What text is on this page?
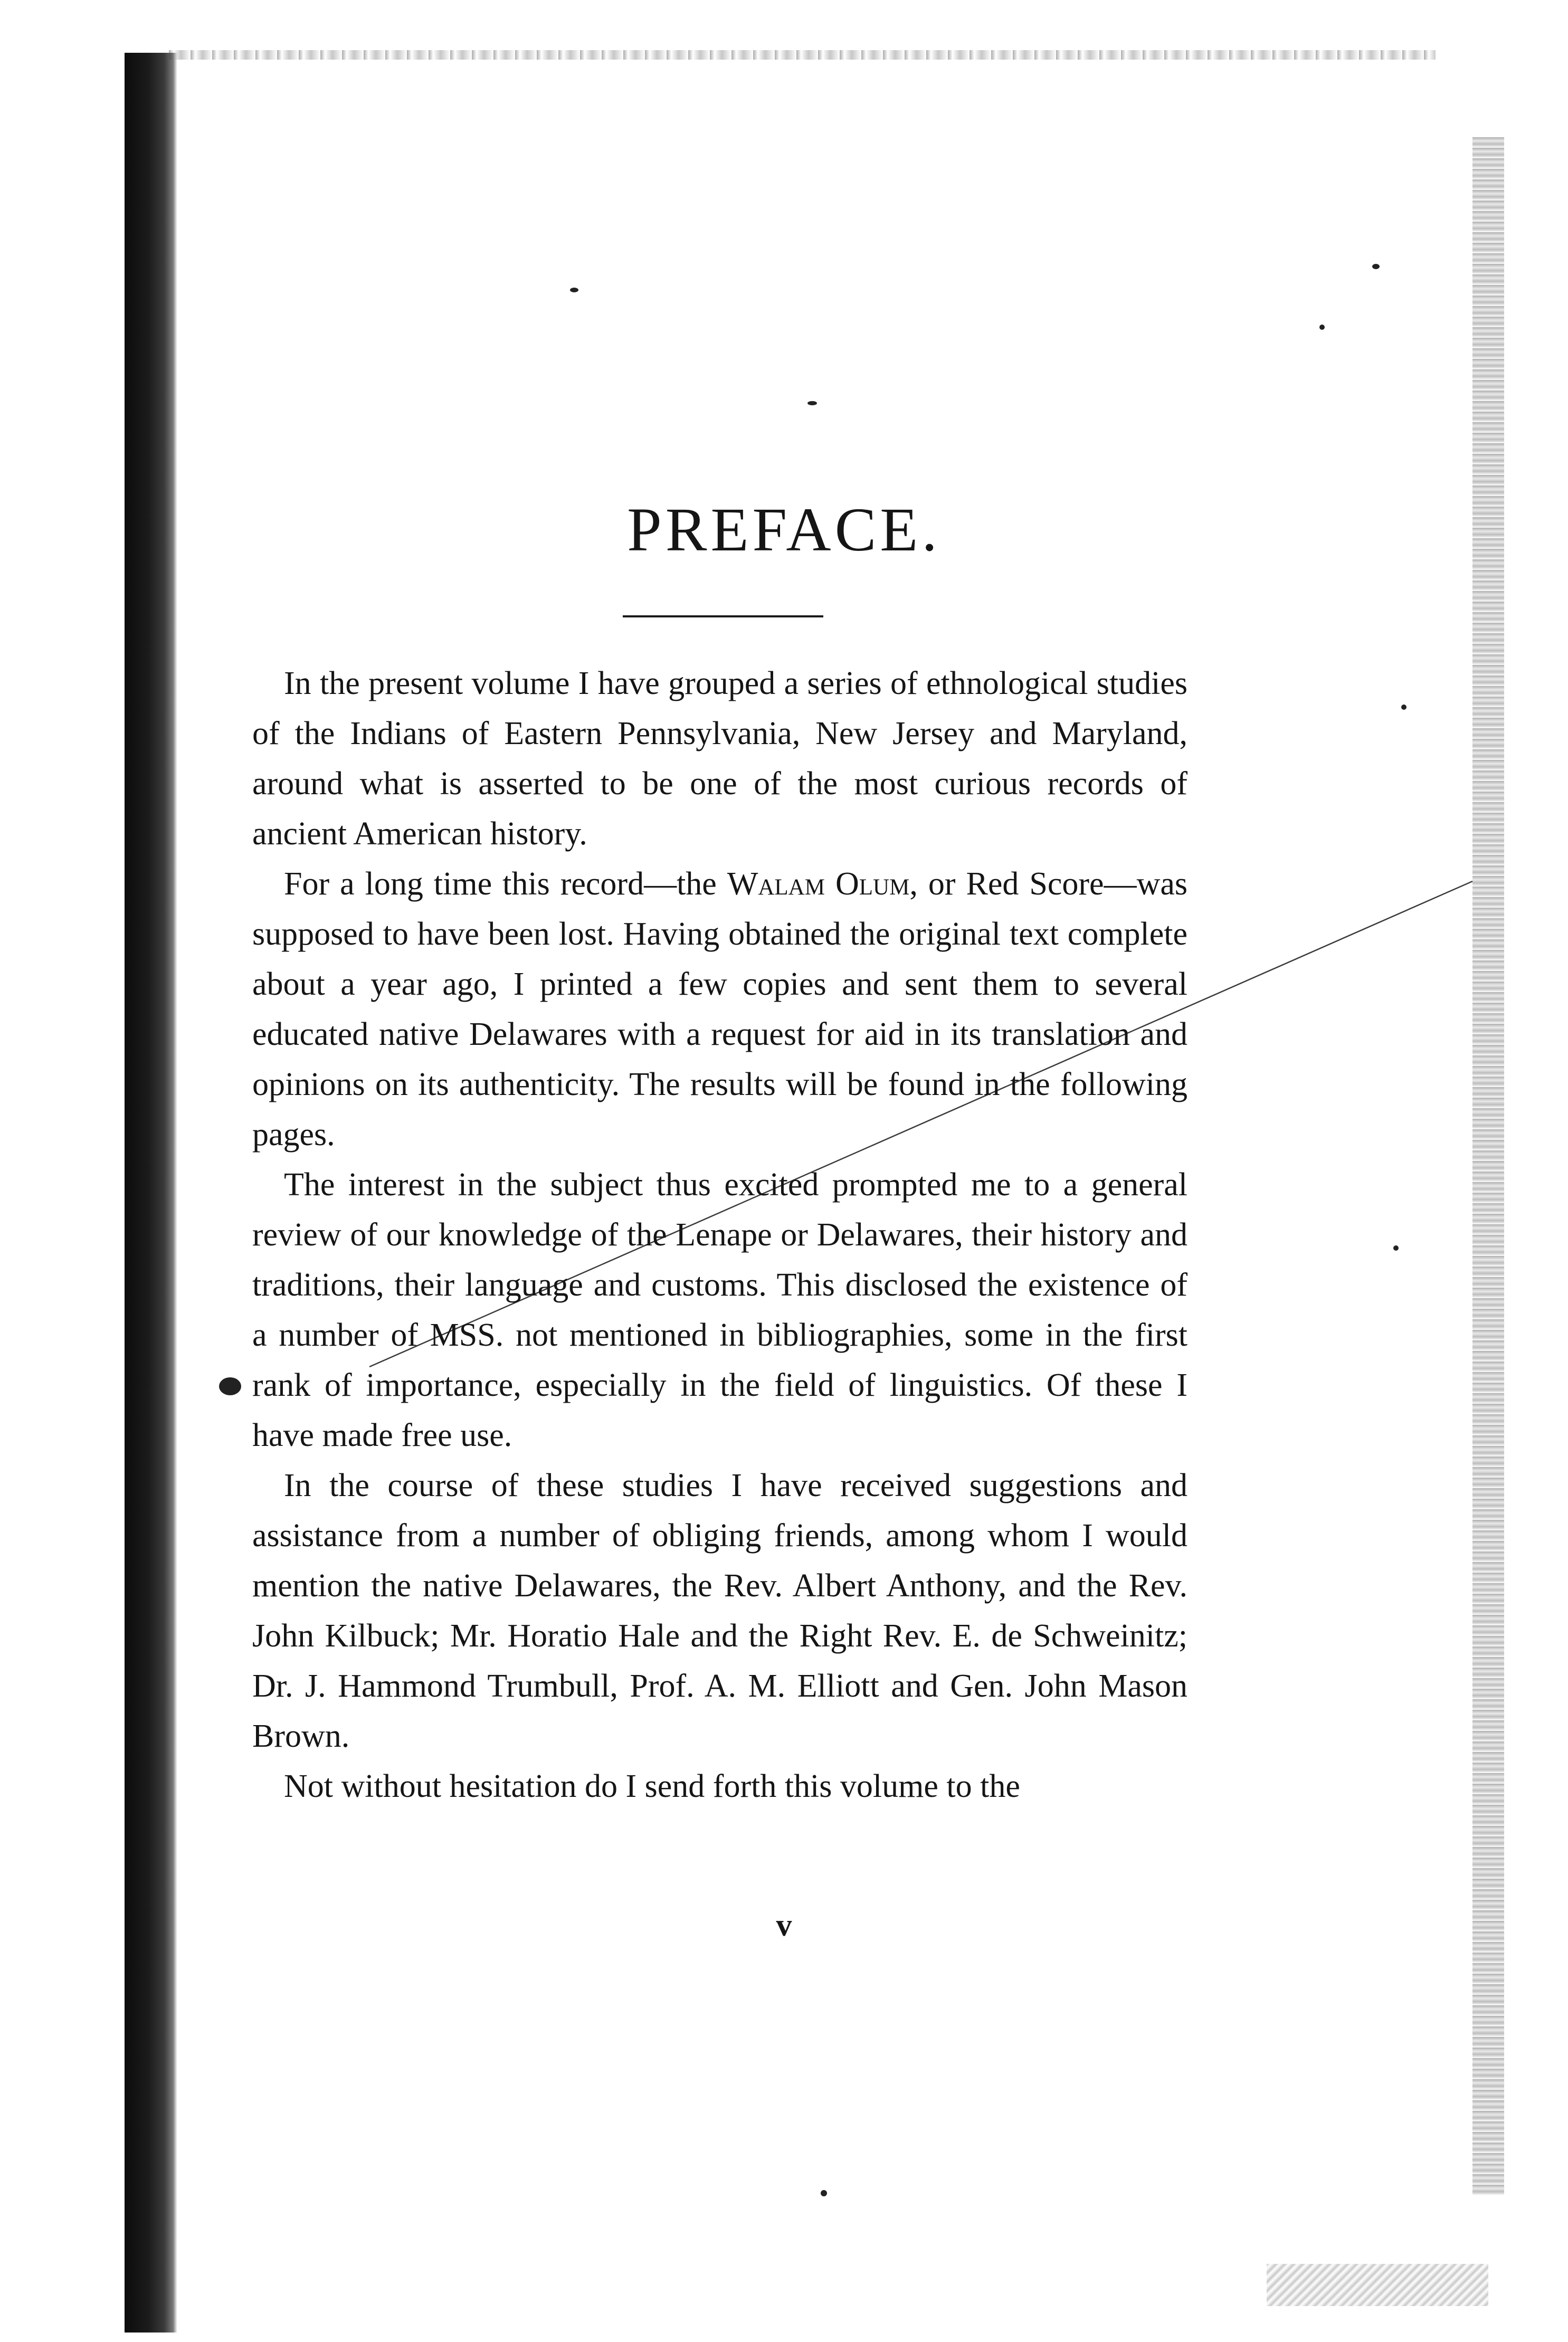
PREFACE.

In the present volume I have grouped a series of ethnological studies of the Indians of Eastern Pennsylvania, New Jersey and Maryland, around what is asserted to be one of the most curious records of ancient American history.

For a long time this record—the Walam Olum, or Red Score—was supposed to have been lost. Having obtained the original text complete about a year ago, I printed a few copies and sent them to several educated native Delawares with a request for aid in its translation and opinions on its authenticity. The results will be found in the following pages.

The interest in the subject thus excited prompted me to a general review of our knowledge of the Lenape or Delawares, their history and traditions, their language and customs. This disclosed the existence of a number of MSS. not mentioned in bibliographies, some in the first rank of importance, especially in the field of linguistics. Of these I have made free use.

In the course of these studies I have received suggestions and assistance from a number of obliging friends, among whom I would mention the native Delawares, the Rev. Albert Anthony, and the Rev. John Kilbuck; Mr. Horatio Hale and the Right Rev. E. de Schweinitz; Dr. J. Hammond Trumbull, Prof. A. M. Elliott and Gen. John Mason Brown.

Not without hesitation do I send forth this volume to the

v
